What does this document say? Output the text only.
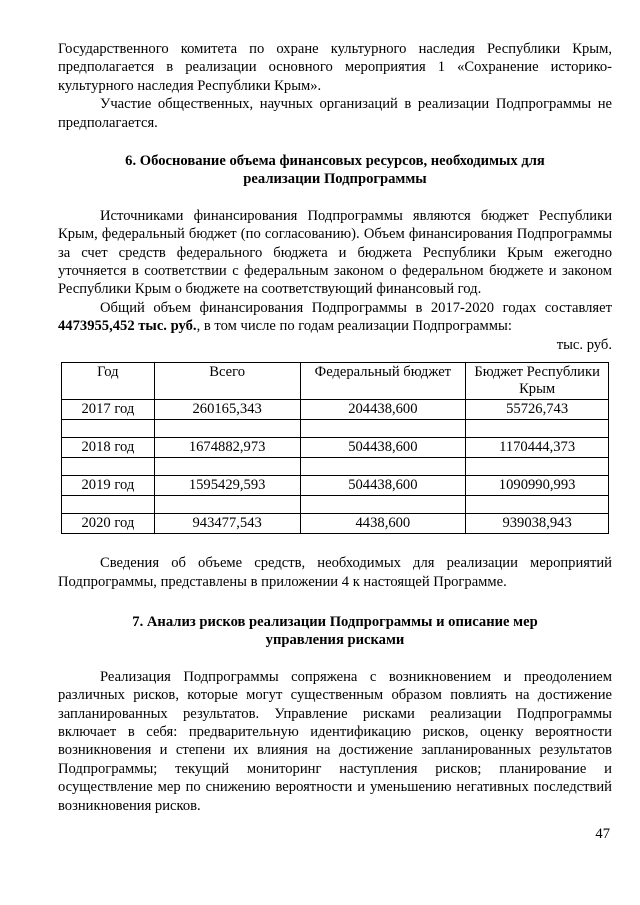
Государственного комитета по охране культурного наследия Республики Крым, предполагается в реализации основного мероприятия 1 «Сохранение историко-культурного наследия Республики Крым».

Участие общественных, научных организаций в реализации Подпрограммы не предполагается.

6. Обоснование объема финансовых ресурсов, необходимых для
реализации Подпрограммы

Источниками финансирования Подпрограммы являются бюджет Республики Крым, федеральный бюджет (по согласованию). Объем финансирования Подпрограммы за счет средств федерального бюджета и бюджета Республики Крым ежегодно уточняется в соответствии с федеральным законом о федеральном бюджете и законом Республики Крым о бюджете на соответствующий финансовый год.

Общий объем финансирования Подпрограммы в 2017-2020 годах составляет 4473955,452 тыс. руб., в том числе по годам реализации Подпрограммы:

тыс. руб.
Год	Всего	Федеральный бюджет	Бюджет Республики Крым
2017 год	260165,343	204438,600	55726,743

2018 год	1674882,973	504438,600	1170444,373

2019 год	1595429,593	504438,600	1090990,993

2020 год	943477,543	4438,600	939038,943

Сведения об объеме средств, необходимых для реализации мероприятий Подпрограммы, представлены в приложении 4 к настоящей Программе.

7. Анализ рисков реализации Подпрограммы и описание мер
управления рисками

Реализация Подпрограммы сопряжена с возникновением и преодолением различных рисков, которые могут существенным образом повлиять на достижение запланированных результатов. Управление рисками реализации Подпрограммы включает в себя: предварительную идентификацию рисков, оценку вероятности возникновения и степени их влияния на достижение запланированных результатов Подпрограммы; текущий мониторинг наступления рисков; планирование и осуществление мер по снижению вероятности и уменьшению негативных последствий возникновения рисков.

47
